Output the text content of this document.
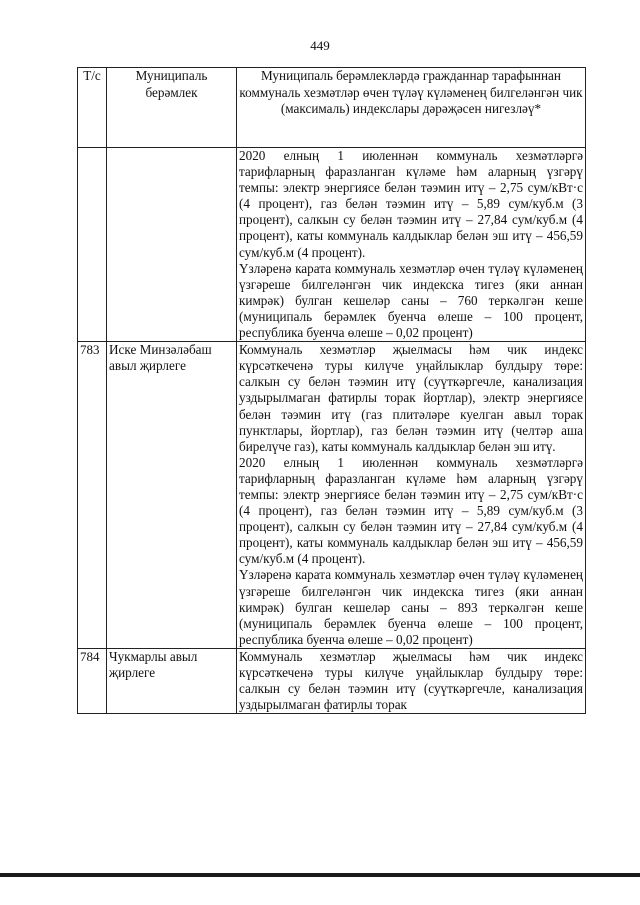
449
Т/с	Муниципаль берәмлек	Муниципаль берәмлекләрдә гражданнар тарафыннан коммуналь хезмәтләр өчен түләү күләменең билгеләнгән чик (максималь) индекслары дәрәҗәсен нигезләү*

		2020 елның 1 июленнән коммуналь хезмәтләргә тарифларның фаразланган күләме һәм аларның үзгәрү темпы: электр энергиясе белән тәэмин итү – 2,75 сум/кВт·с (4 процент), газ белән тәэмин итү – 5,89 сум/куб.м (3 процент), салкын су белән тәэмин итү – 27,84 сум/куб.м (4 процент), каты коммуналь калдыклар белән эш итү – 456,59 сум/куб.м (4 процент).

Үзләренә карата коммуналь хезмәтләр өчен түләү күләменең үзгәреше билгеләнгән чик индекска тигез (яки аннан кимрәк) булган кешеләр саны – 760 теркәлгән кеше (муниципаль берәмлек буенча өлеше – 100 процент, республика буенча өлеше – 0,02 процент)

783	Иске Минзәләбаш авыл җирлеге	Коммуналь хезмәтләр җыелмасы һәм чик индекс күрсәткеченә туры килүче уңайлыклар булдыру төре: салкын су белән тәэмин итү (суүткәргечле, канализация уздырылмаган фатирлы торак йортлар), электр энергиясе белән тәэмин итү (газ плитәләре куелган авыл торак пунктлары, йортлар), газ белән тәэмин итү (челтәр аша бирелүче газ), каты коммуналь калдыклар белән эш итү.

2020 елның 1 июленнән коммуналь хезмәтләргә тарифларның фаразланган күләме һәм аларның үзгәрү темпы: электр энергиясе белән тәэмин итү – 2,75 сум/кВт·с (4 процент), газ белән тәэмин итү – 5,89 сум/куб.м (3 процент), салкын су белән тәэмин итү – 27,84 сум/куб.м (4 процент), каты коммуналь калдыклар белән эш итү – 456,59 сум/куб.м (4 процент).

Үзләренә карата коммуналь хезмәтләр өчен түләү күләменең үзгәреше билгеләнгән чик индекска тигез (яки аннан кимрәк) булган кешеләр саны – 893 теркәлгән кеше (муниципаль берәмлек буенча өлеше – 100 процент, республика буенча өлеше – 0,02 процент)

784	Чукмарлы авыл җирлеге	Коммуналь хезмәтләр җыелмасы һәм чик индекс күрсәткеченә туры килүче уңайлыклар булдыру төре: салкын су белән тәэмин итү (суүткәргечле, канализация уздырылмаган фатирлы торак
